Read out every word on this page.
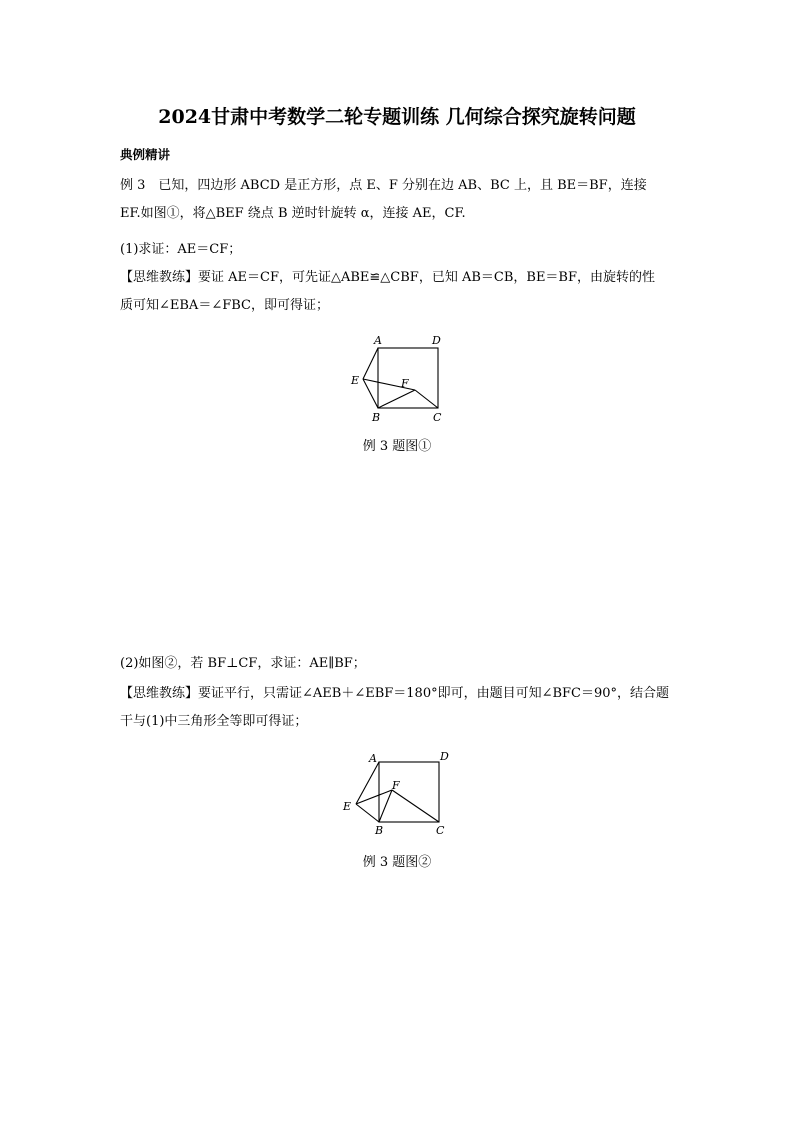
2024甘肃中考数学二轮专题训练 几何综合探究旋转问题
典例精讲
例 3　已知，四边形 ABCD 是正方形，点 E、F 分别在边 AB、BC 上，且 BE＝BF，连接
EF.如图①，将△BEF 绕点 B 逆时针旋转 α，连接 AE，CF.
(1)求证：AE＝CF；
【思维教练】要证 AE＝CF，可先证△ABE≌△CBF，已知 AB＝CB，BE＝BF，由旋转的性
质可知∠EBA＝∠FBC，即可得证；
A	D
E	F
B	C
例 3 题图①
(2)如图②，若 BF⊥CF，求证：AE∥BF；
【思维教练】要证平行，只需证∠AEB＋∠EBF＝180°即可，由题目可知∠BFC＝90°，结合题
干与(1)中三角形全等即可得证；
A	D
E
F
B	C
例 3 题图②
